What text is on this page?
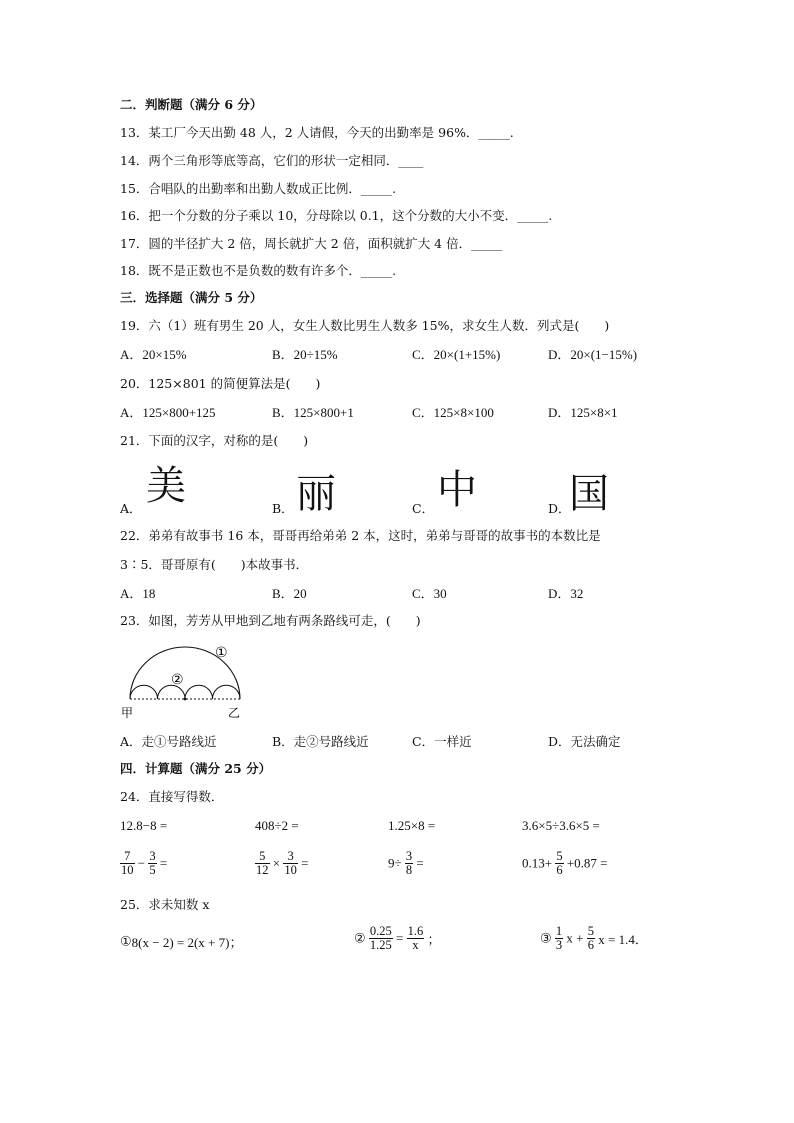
二．判断题（满分 6 分）
13．某工厂今天出勤 48 人，2 人请假，今天的出勤率是 96%．_____.
14．两个三角形等底等高，它们的形状一定相同．____
15．合唱队的出勤率和出勤人数成正比例．_____.
16．把一个分数的分子乘以 10，分母除以 0.1，这个分数的大小不变．_____.
17．圆的半径扩大 2 倍，周长就扩大 2 倍，面积就扩大 4 倍．_____
18．既不是正数也不是负数的数有许多个．_____.
三．选择题（满分 5 分）
19．六（1）班有男生 20 人，女生人数比男生人数多 15%，求女生人数．列式是(　　)
A．20×15%	B．20÷15%	C．20×(1+15%)	D．20×(1−15%)
20．125×801 的简便算法是(　　)
A．125×800+125	B．125×800+1	C．125×8×100	D．125×8×1
21．下面的汉字，对称的是(　　)
A． 美	B． 丽	C． 中	D．
国
22．弟弟有故事书 16 本，哥哥再给弟弟 2 本，这时，弟弟与哥哥的故事书的本数比是
3∶5．哥哥原有(　　)本故事书．
A．18	B．20	C．30	D．32
23．如图，芳芳从甲地到乙地有两条路线可走，(　　)
①
②
甲	乙
A．走①号路线近	B．走②号路线近	C．一样近	D．无法确定
四．计算题（满分 25 分）
24．直接写得数．
12.8−8 =	408÷2 =	1.25×8 =	3.6×5÷3.6×5 =
$\frac{7}{10} - \frac{3}{5}$ =	$\frac{5}{12} \times \frac{3}{10}$ =	$9\div \frac{3}{8}$ =	$0.13+ \frac{5}{6} +0.87$ =
25．求未知数 x
①8(x − 2) = 2(x + 7)；	② $\frac{0.25}{1.25} = \frac{1.6}{x}$ ；	③ $\frac{1}{3}$ $x + \frac{5}{6}$ x = 1.4．
